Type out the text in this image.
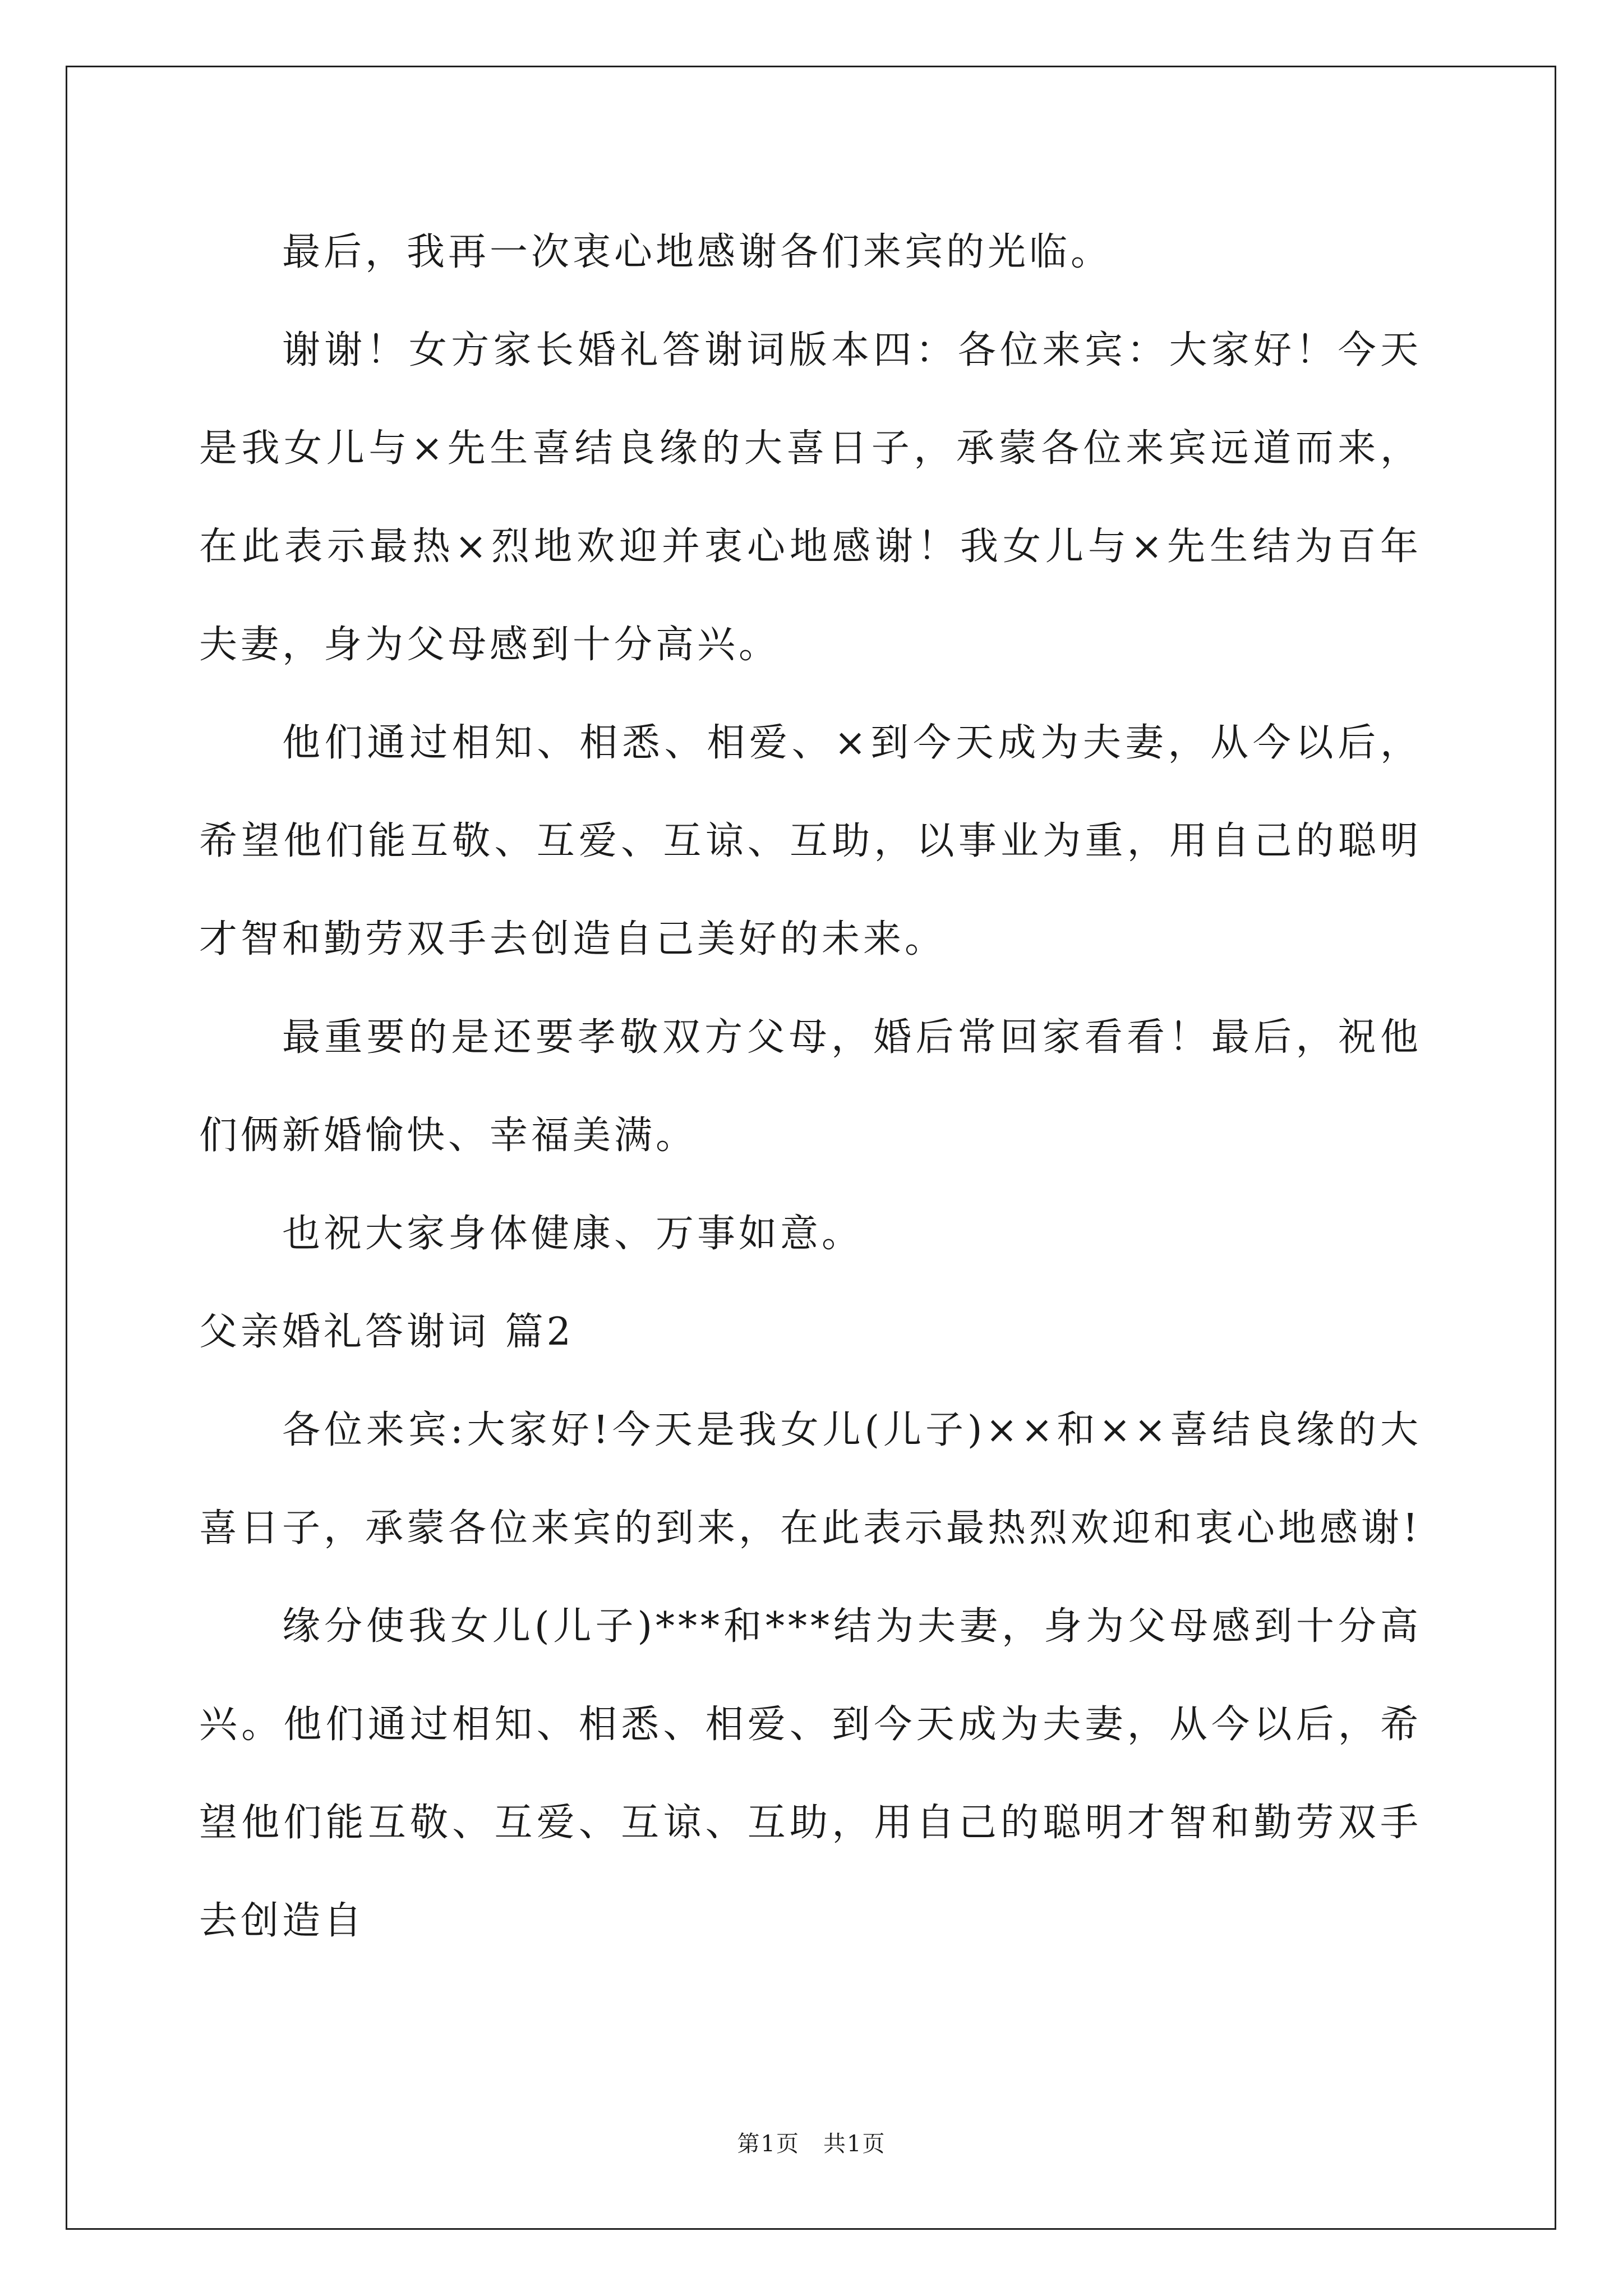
最后，我再一次衷心地感谢各们来宾的光临。

谢谢！女方家长婚礼答谢词版本四：各位来宾：大家好！今天是我女儿与×先生喜结良缘的大喜日子，承蒙各位来宾远道而来，在此表示最热×烈地欢迎并衷心地感谢！我女儿与×先生结为百年夫妻，身为父母感到十分高兴。

他们通过相知、相悉、相爱、×到今天成为夫妻，从今以后，希望他们能互敬、互爱、互谅、互助，以事业为重，用自己的聪明才智和勤劳双手去创造自己美好的未来。

最重要的是还要孝敬双方父母，婚后常回家看看！最后，祝他们俩新婚愉快、幸福美满。

也祝大家身体健康、万事如意。

父亲婚礼答谢词 篇2

各位来宾:大家好!今天是我女儿(儿子)××和××喜结良缘的大喜日子，承蒙各位来宾的到来，在此表示最热烈欢迎和衷心地感谢!

缘分使我女儿(儿子)***和***结为夫妻，身为父母感到十分高兴。他们通过相知、相悉、相爱、到今天成为夫妻，从今以后，希望他们能互敬、互爱、互谅、互助，用自己的聪明才智和勤劳双手去创造自

第1页　共1页
